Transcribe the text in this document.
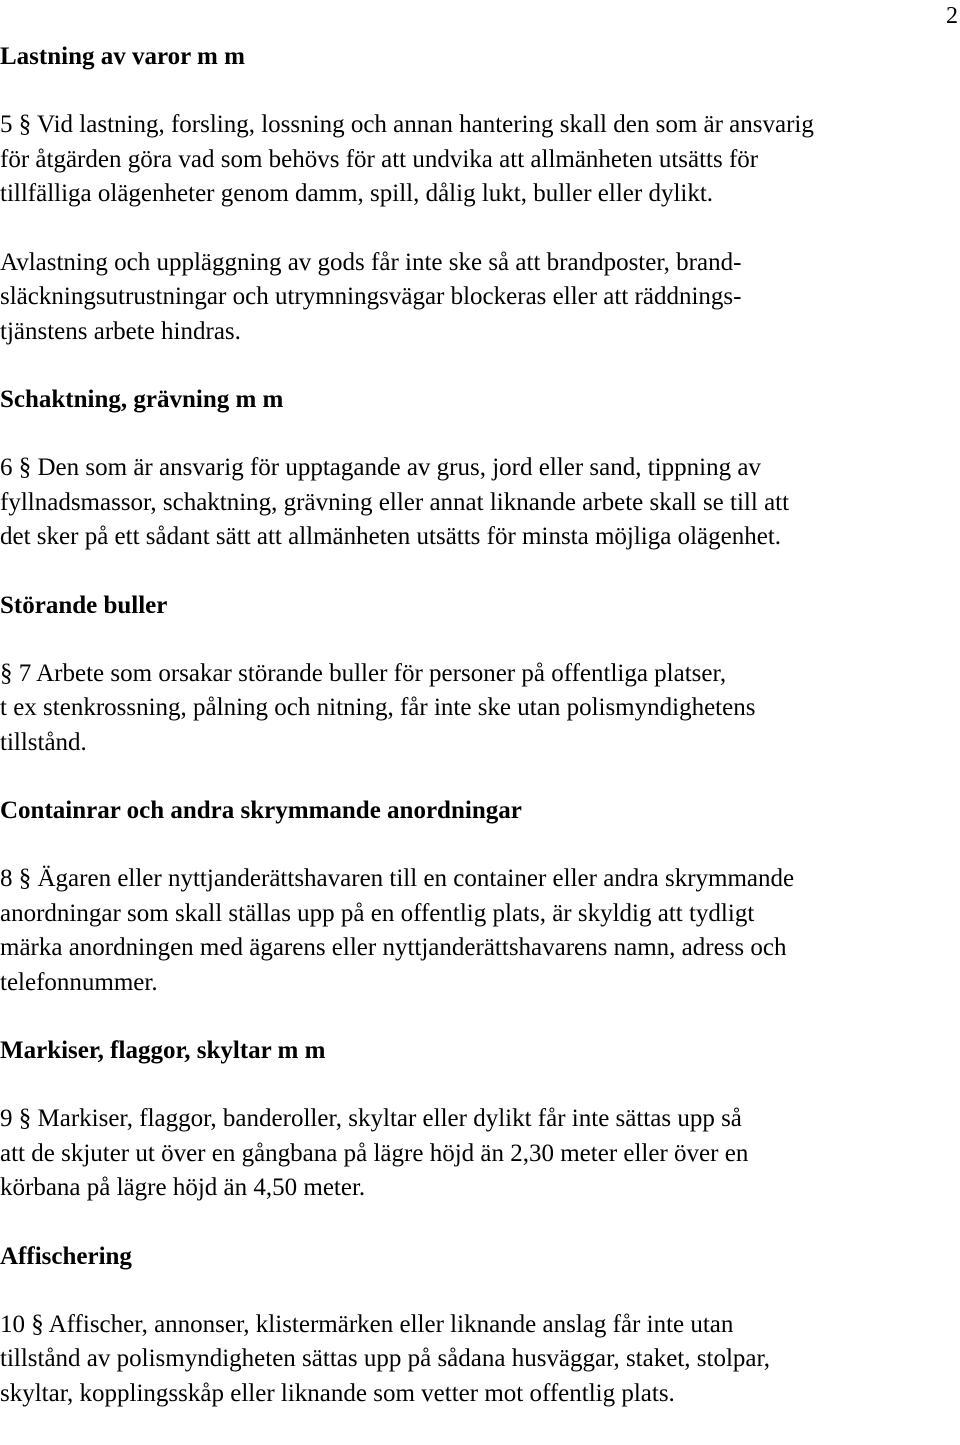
2
Lastning av varor m m
5 § Vid lastning, forsling, lossning och annan hantering skall den som är ansvarig
för åtgärden göra vad som behövs för att undvika att allmänheten utsätts för
tillfälliga olägenheter genom damm, spill, dålig lukt, buller eller dylikt.
Avlastning och uppläggning av gods får inte ske så att brandposter, brand-
släckningsutrustningar och utrymningsvägar blockeras eller att räddnings-
tjänstens arbete hindras.
Schaktning, grävning m m
6 § Den som är ansvarig för upptagande av grus, jord eller sand, tippning av
fyllnadsmassor, schaktning, grävning eller annat liknande arbete skall se till att
det sker på ett sådant sätt att allmänheten utsätts för minsta möjliga olägenhet.
Störande buller
§ 7 Arbete som orsakar störande buller för personer på offentliga platser,
t ex stenkrossning, pålning och nitning, får inte ske utan polismyndighetens
tillstånd.
Containrar och andra skrymmande anordningar
8 § Ägaren eller nyttjanderättshavaren till en container eller andra skrymmande
anordningar som skall ställas upp på en offentlig plats, är skyldig att tydligt
märka anordningen med ägarens eller nyttjanderättshavarens namn, adress och
telefonnummer.
Markiser, flaggor, skyltar m m
9 § Markiser, flaggor, banderoller, skyltar eller dylikt får inte sättas upp så
att de skjuter ut över en gångbana på lägre höjd än 2,30 meter eller över en
körbana på lägre höjd än 4,50 meter.
Affischering
10 § Affischer, annonser, klistermärken eller liknande anslag får inte utan
tillstånd av polismyndigheten sättas upp på sådana husväggar, staket, stolpar,
skyltar, kopplingsskåp eller liknande som vetter mot offentlig plats.
